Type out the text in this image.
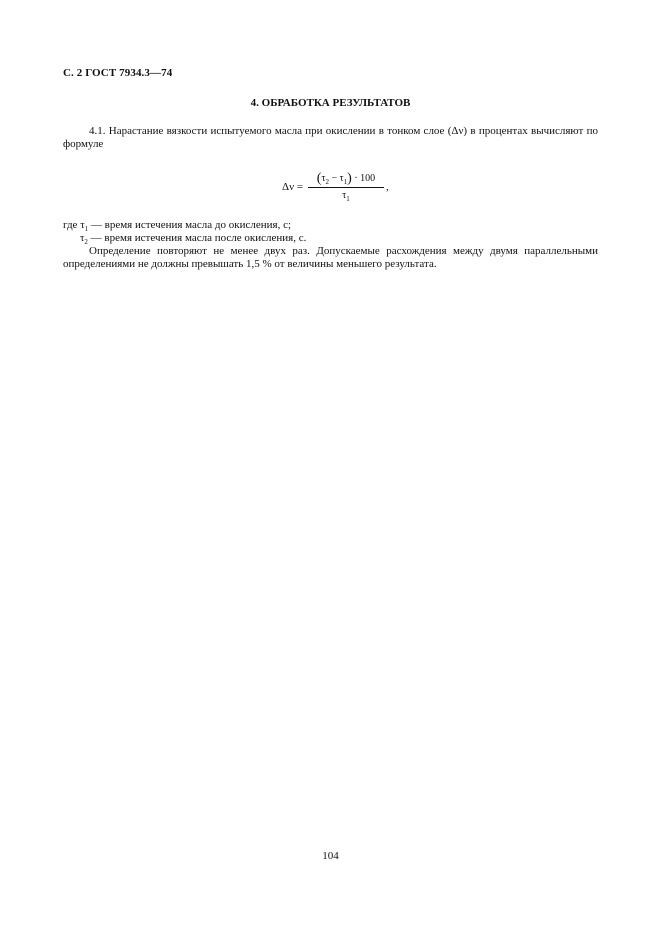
С. 2 ГОСТ 7934.3—74
4. ОБРАБОТКА РЕЗУЛЬТАТОВ
4.1. Нарастание вязкости испытуемого масла при окислении в тонком слое (Δν) в процентах вычисляют по формуле
Δν =
$(\tau_2 - \tau_1) \cdot 100$
$\tau_1$
,
где $\tau_1$ — время истечения масла до окисления, с;
$\tau_2$ — время истечения масла после окисления, с.
Определение повторяют не менее двух раз. Допускаемые расхождения между двумя параллельными определениями не должны превышать 1,5 % от величины меньшего результата.
104
